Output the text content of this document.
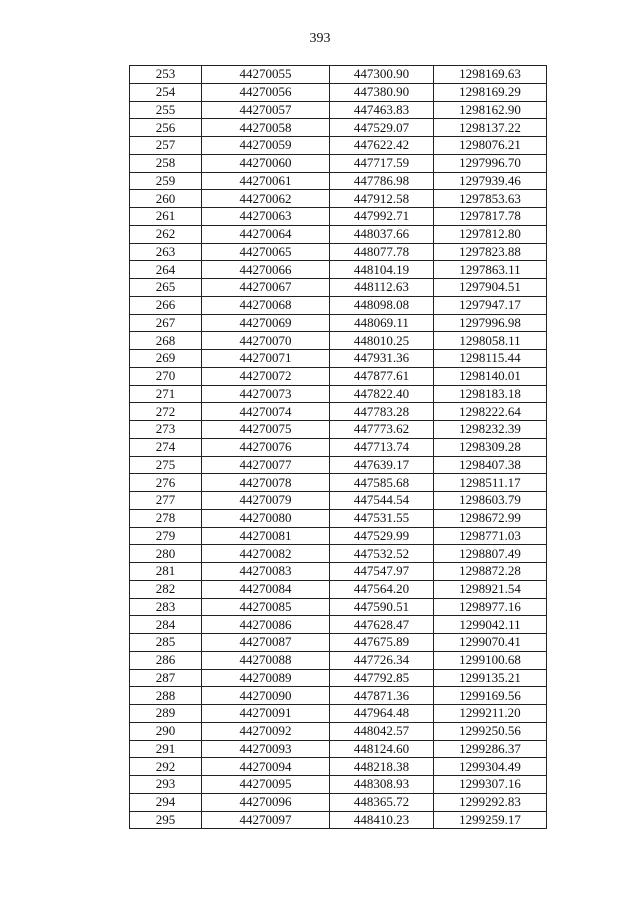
393
253	44270055	447300.90	1298169.63
254	44270056	447380.90	1298169.29
255	44270057	447463.83	1298162.90
256	44270058	447529.07	1298137.22
257	44270059	447622.42	1298076.21
258	44270060	447717.59	1297996.70
259	44270061	447786.98	1297939.46
260	44270062	447912.58	1297853.63
261	44270063	447992.71	1297817.78
262	44270064	448037.66	1297812.80
263	44270065	448077.78	1297823.88
264	44270066	448104.19	1297863.11
265	44270067	448112.63	1297904.51
266	44270068	448098.08	1297947.17
267	44270069	448069.11	1297996.98
268	44270070	448010.25	1298058.11
269	44270071	447931.36	1298115.44
270	44270072	447877.61	1298140.01
271	44270073	447822.40	1298183.18
272	44270074	447783.28	1298222.64
273	44270075	447773.62	1298232.39
274	44270076	447713.74	1298309.28
275	44270077	447639.17	1298407.38
276	44270078	447585.68	1298511.17
277	44270079	447544.54	1298603.79
278	44270080	447531.55	1298672.99
279	44270081	447529.99	1298771.03
280	44270082	447532.52	1298807.49
281	44270083	447547.97	1298872.28
282	44270084	447564.20	1298921.54
283	44270085	447590.51	1298977.16
284	44270086	447628.47	1299042.11
285	44270087	447675.89	1299070.41
286	44270088	447726.34	1299100.68
287	44270089	447792.85	1299135.21
288	44270090	447871.36	1299169.56
289	44270091	447964.48	1299211.20
290	44270092	448042.57	1299250.56
291	44270093	448124.60	1299286.37
292	44270094	448218.38	1299304.49
293	44270095	448308.93	1299307.16
294	44270096	448365.72	1299292.83
295	44270097	448410.23	1299259.17
